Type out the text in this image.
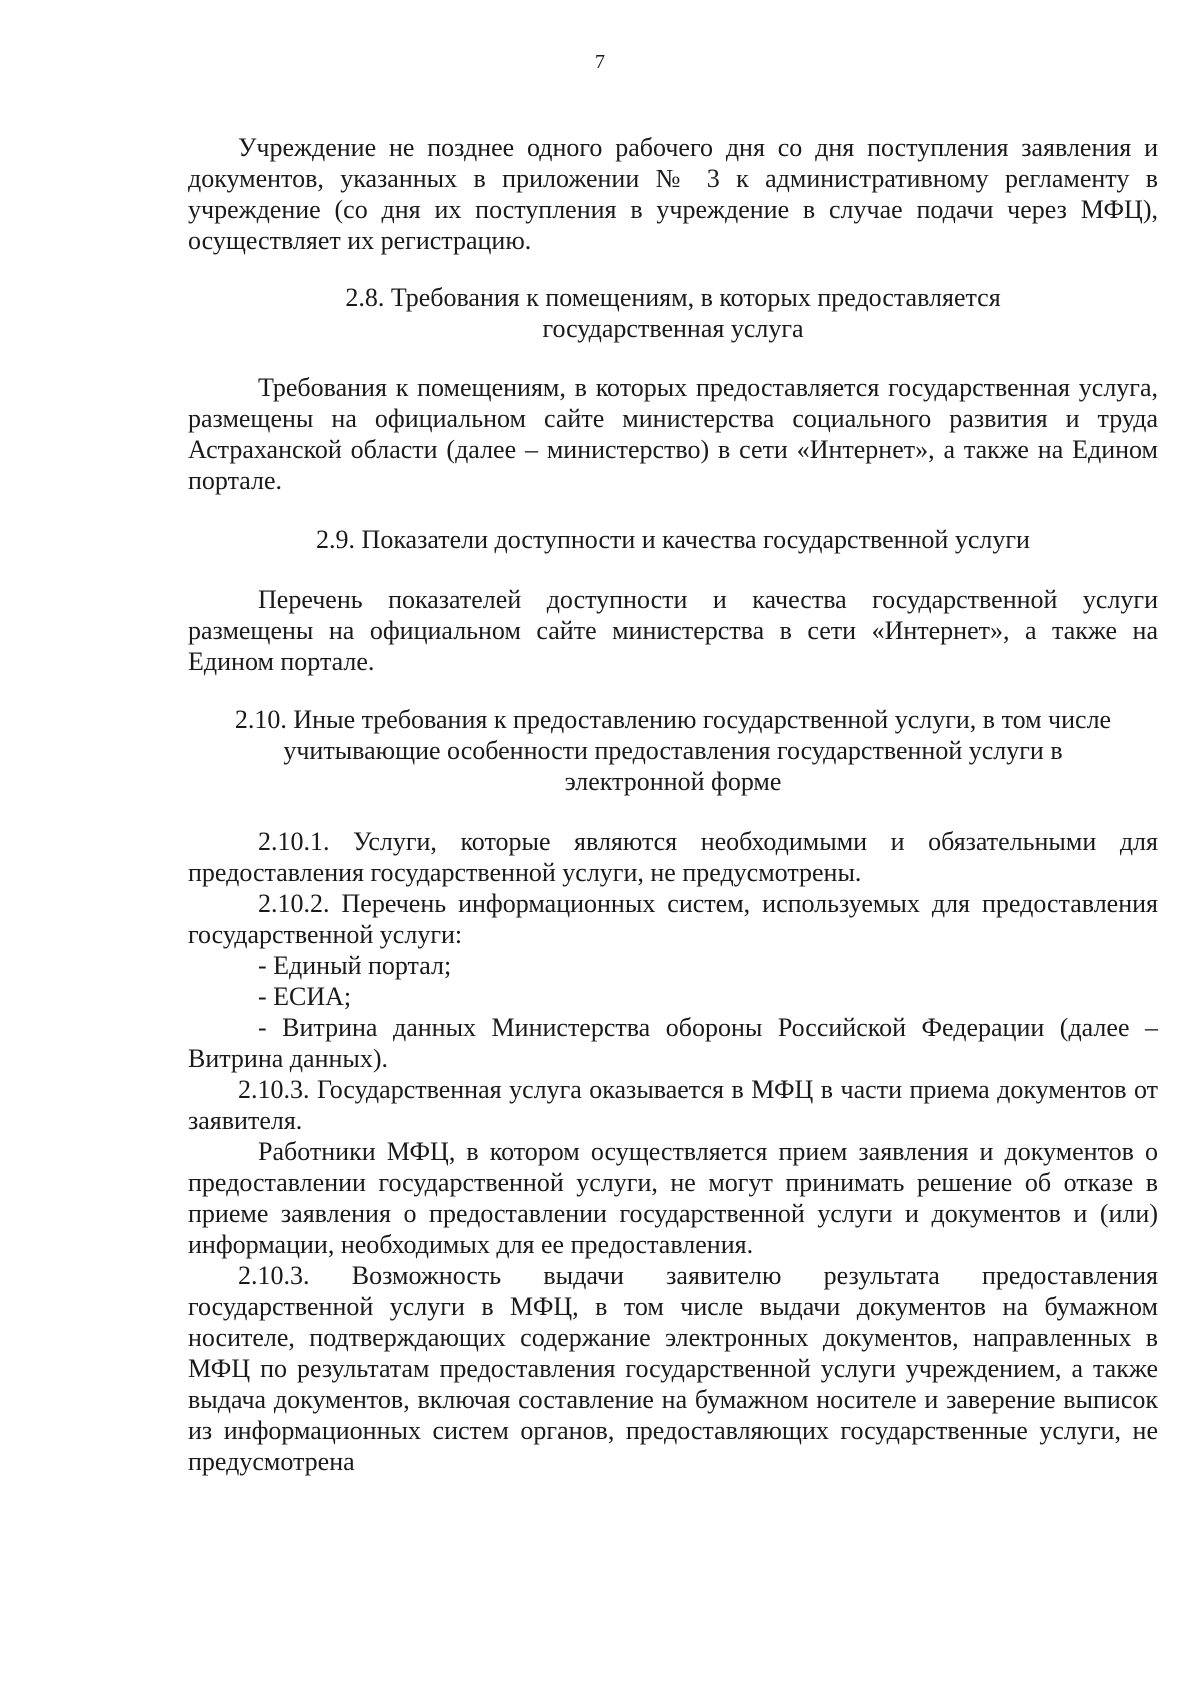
7

Учреждение не позднее одного рабочего дня со дня поступления заявления и документов, указанных в приложении № 3 к административному регламенту в учреждение (со дня их поступления в учреждение в случае подачи через МФЦ), осуществляет их регистрацию.

2.8. Требования к помещениям, в которых предоставляется
государственная услуга

Требования к помещениям, в которых предоставляется государственная услуга, размещены на официальном сайте министерства социального развития и труда Астраханской области (далее – министерство) в сети «Интернет», а также на Едином портале.

2.9. Показатели доступности и качества государственной услуги

Перечень показателей доступности и качества государственной услуги размещены на официальном сайте министерства в сети «Интернет», а также на Едином портале.

2.10. Иные требования к предоставлению государственной услуги, в том числе
учитывающие особенности предоставления государственной услуги в
электронной форме

2.10.1. Услуги, которые являются необходимыми и обязательными для предоставления государственной услуги, не предусмотрены.

2.10.2. Перечень информационных систем, используемых для предоставления государственной услуги:

- Единый портал;

- ЕСИА;

- Витрина данных Министерства обороны Российской Федерации (далее – Витрина данных).

2.10.3. Государственная услуга оказывается в МФЦ в части приема документов от заявителя.

Работники МФЦ, в котором осуществляется прием заявления и документов о предоставлении государственной услуги, не могут принимать решение об отказе в приеме заявления о предоставлении государственной услуги и документов и (или) информации, необходимых для ее предоставления.

2.10.3. Возможность выдачи заявителю результата предоставления государственной услуги в МФЦ, в том числе выдачи документов на бумажном носителе, подтверждающих содержание электронных документов, направленных в МФЦ по результатам предоставления государственной услуги учреждением, а также выдача документов, включая составление на бумажном носителе и заверение выписок из информационных систем органов, предоставляющих государственные услуги, не предусмотрена
